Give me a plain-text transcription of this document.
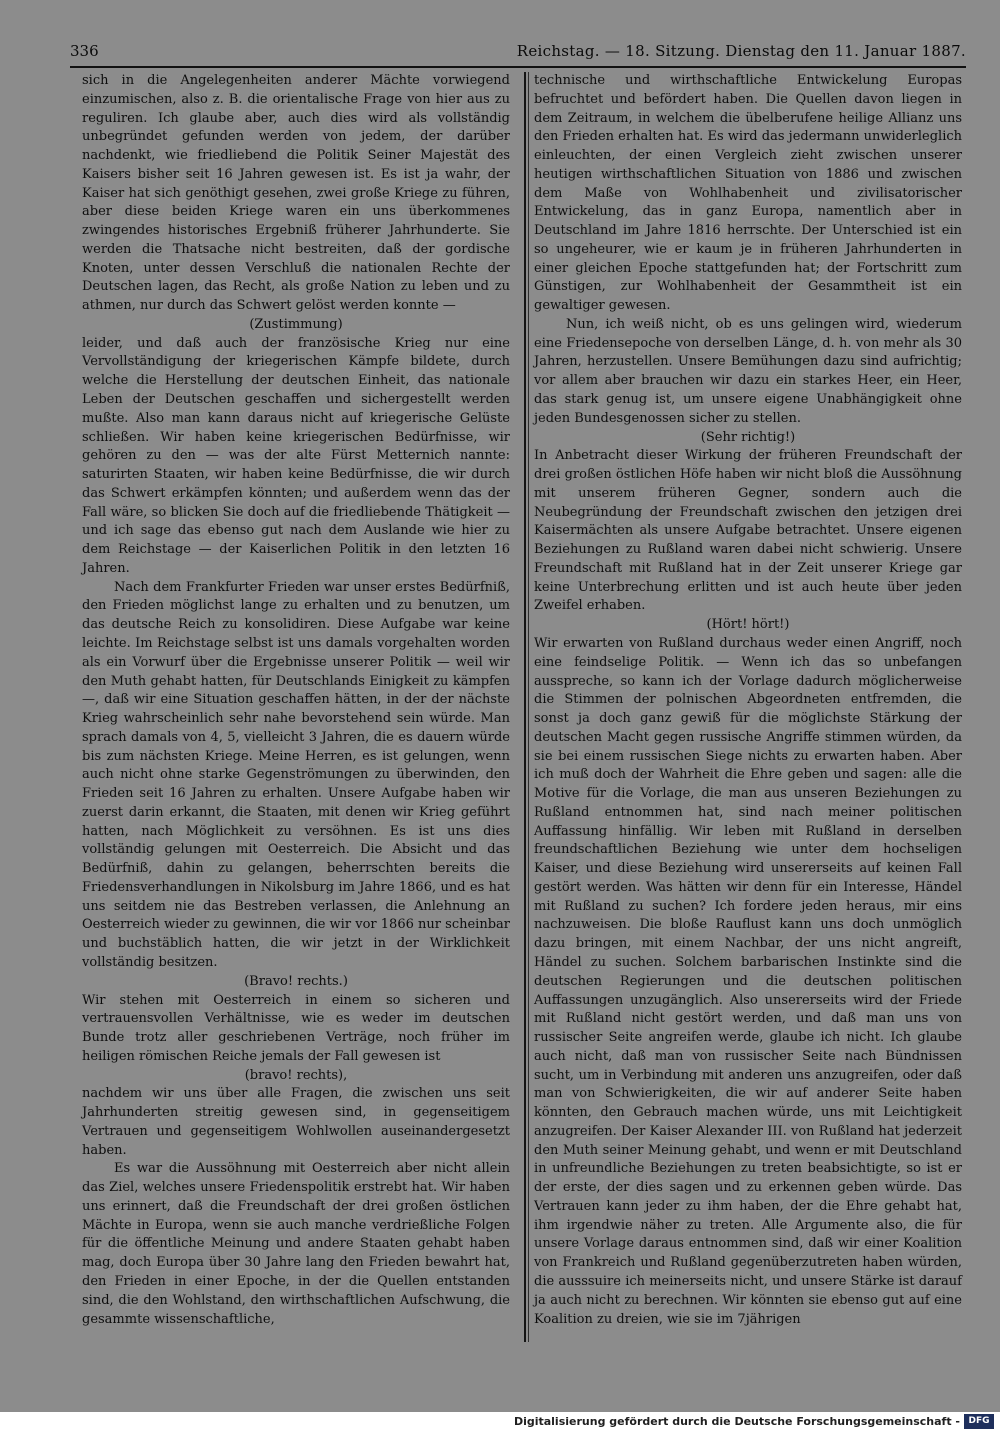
336	Reichstag. — 18. Sitzung. Dienstag den 11. Januar 1887.

sich in die Angelegenheiten anderer Mächte vorwiegend einzumischen, also z. B. die orientalische Frage von hier aus zu reguliren. Ich glaube aber, auch dies wird als vollständig unbegründet gefunden werden von jedem, der darüber nachdenkt, wie friedliebend die Politik Seiner Majestät des Kaisers bisher seit 16 Jahren gewesen ist. Es ist ja wahr, der Kaiser hat sich genöthigt gesehen, zwei große Kriege zu führen, aber diese beiden Kriege waren ein uns überkommenes zwingendes historisches Ergebniß früherer Jahrhunderte. Sie werden die Thatsache nicht bestreiten, daß der gordische Knoten, unter dessen Verschluß die nationalen Rechte der Deutschen lagen, das Recht, als große Nation zu leben und zu athmen, nur durch das Schwert gelöst werden konnte —

(Zustimmung)

leider, und daß auch der französische Krieg nur eine Vervollständigung der kriegerischen Kämpfe bildete, durch welche die Herstellung der deutschen Einheit, das nationale Leben der Deutschen geschaffen und sichergestellt werden mußte. Also man kann daraus nicht auf kriegerische Gelüste schließen. Wir haben keine kriegerischen Bedürfnisse, wir gehören zu den — was der alte Fürst Metternich nannte: saturirten Staaten, wir haben keine Bedürfnisse, die wir durch das Schwert erkämpfen könnten; und außerdem wenn das der Fall wäre, so blicken Sie doch auf die friedliebende Thätigkeit — und ich sage das ebenso gut nach dem Auslande wie hier zu dem Reichstage — der Kaiserlichen Politik in den letzten 16 Jahren.

Nach dem Frankfurter Frieden war unser erstes Bedürfniß, den Frieden möglichst lange zu erhalten und zu benutzen, um das deutsche Reich zu konsolidiren. Diese Aufgabe war keine leichte. Im Reichstage selbst ist uns damals vorgehalten worden als ein Vorwurf über die Ergebnisse unserer Politik — weil wir den Muth gehabt hatten, für Deutschlands Einigkeit zu kämpfen —, daß wir eine Situation geschaffen hätten, in der der nächste Krieg wahrscheinlich sehr nahe bevorstehend sein würde. Man sprach damals von 4, 5, vielleicht 3 Jahren, die es dauern würde bis zum nächsten Kriege. Meine Herren, es ist gelungen, wenn auch nicht ohne starke Gegenströmungen zu überwinden, den Frieden seit 16 Jahren zu erhalten. Unsere Aufgabe haben wir zuerst darin erkannt, die Staaten, mit denen wir Krieg geführt hatten, nach Möglichkeit zu versöhnen. Es ist uns dies vollständig gelungen mit Oesterreich. Die Absicht und das Bedürfniß, dahin zu gelangen, beherrschten bereits die Friedensverhandlungen in Nikolsburg im Jahre 1866, und es hat uns seitdem nie das Bestreben verlassen, die Anlehnung an Oesterreich wieder zu gewinnen, die wir vor 1866 nur scheinbar und buchstäblich hatten, die wir jetzt in der Wirklichkeit vollständig besitzen.

(Bravo! rechts.)

Wir stehen mit Oesterreich in einem so sicheren und vertrauensvollen Verhältnisse, wie es weder im deutschen Bunde trotz aller geschriebenen Verträge, noch früher im heiligen römischen Reiche jemals der Fall gewesen ist

(bravo! rechts),

nachdem wir uns über alle Fragen, die zwischen uns seit Jahrhunderten streitig gewesen sind, in gegenseitigem Vertrauen und gegenseitigem Wohlwollen auseinandergesetzt haben.

Es war die Aussöhnung mit Oesterreich aber nicht allein das Ziel, welches unsere Friedenspolitik erstrebt hat. Wir haben uns erinnert, daß die Freundschaft der drei großen östlichen Mächte in Europa, wenn sie auch manche verdrießliche Folgen für die öffentliche Meinung und andere Staaten gehabt haben mag, doch Europa über 30 Jahre lang den Frieden bewahrt hat, den Frieden in einer Epoche, in der die Quellen entstanden sind, die den Wohlstand, den wirthschaftlichen Aufschwung, die gesammte wissenschaftliche,

technische und wirthschaftliche Entwickelung Europas befruchtet und befördert haben. Die Quellen davon liegen in dem Zeitraum, in welchem die übelberufene heilige Allianz uns den Frieden erhalten hat. Es wird das jedermann unwiderleglich einleuchten, der einen Vergleich zieht zwischen unserer heutigen wirthschaftlichen Situation von 1886 und zwischen dem Maße von Wohlhabenheit und zivilisatorischer Entwickelung, das in ganz Europa, namentlich aber in Deutschland im Jahre 1816 herrschte. Der Unterschied ist ein so ungeheurer, wie er kaum je in früheren Jahrhunderten in einer gleichen Epoche stattgefunden hat; der Fortschritt zum Günstigen, zur Wohlhabenheit der Gesammtheit ist ein gewaltiger gewesen.

Nun, ich weiß nicht, ob es uns gelingen wird, wiederum eine Friedensepoche von derselben Länge, d. h. von mehr als 30 Jahren, herzustellen. Unsere Bemühungen dazu sind aufrichtig; vor allem aber brauchen wir dazu ein starkes Heer, ein Heer, das stark genug ist, um unsere eigene Unabhängigkeit ohne jeden Bundesgenossen sicher zu stellen.

(Sehr richtig!)

In Anbetracht dieser Wirkung der früheren Freundschaft der drei großen östlichen Höfe haben wir nicht bloß die Aussöhnung mit unserem früheren Gegner, sondern auch die Neubegründung der Freundschaft zwischen den jetzigen drei Kaisermächten als unsere Aufgabe betrachtet. Unsere eigenen Beziehungen zu Rußland waren dabei nicht schwierig. Unsere Freundschaft mit Rußland hat in der Zeit unserer Kriege gar keine Unterbrechung erlitten und ist auch heute über jeden Zweifel erhaben.

(Hört! hört!)

Wir erwarten von Rußland durchaus weder einen Angriff, noch eine feindselige Politik. — Wenn ich das so unbefangen ausspreche, so kann ich der Vorlage dadurch möglicherweise die Stimmen der polnischen Abgeordneten entfremden, die sonst ja doch ganz gewiß für die möglichste Stärkung der deutschen Macht gegen russische Angriffe stimmen würden, da sie bei einem russischen Siege nichts zu erwarten haben. Aber ich muß doch der Wahrheit die Ehre geben und sagen: alle die Motive für die Vorlage, die man aus unseren Beziehungen zu Rußland entnommen hat, sind nach meiner politischen Auffassung hinfällig. Wir leben mit Rußland in derselben freundschaftlichen Beziehung wie unter dem hochseligen Kaiser, und diese Beziehung wird unsererseits auf keinen Fall gestört werden. Was hätten wir denn für ein Interesse, Händel mit Rußland zu suchen? Ich fordere jeden heraus, mir eins nachzuweisen. Die bloße Rauflust kann uns doch unmöglich dazu bringen, mit einem Nachbar, der uns nicht angreift, Händel zu suchen. Solchem barbarischen Instinkte sind die deutschen Regierungen und die deutschen politischen Auffassungen unzugänglich. Also unsererseits wird der Friede mit Rußland nicht gestört werden, und daß man uns von russischer Seite angreifen werde, glaube ich nicht. Ich glaube auch nicht, daß man von russischer Seite nach Bündnissen sucht, um in Verbindung mit anderen uns anzugreifen, oder daß man von Schwierigkeiten, die wir auf anderer Seite haben könnten, den Gebrauch machen würde, uns mit Leichtigkeit anzugreifen. Der Kaiser Alexander III. von Rußland hat jederzeit den Muth seiner Meinung gehabt, und wenn er mit Deutschland in unfreundliche Beziehungen zu treten beabsichtigte, so ist er der erste, der dies sagen und zu erkennen geben würde. Das Vertrauen kann jeder zu ihm haben, der die Ehre gehabt hat, ihm irgendwie näher zu treten. Alle Argumente also, die für unsere Vorlage daraus entnommen sind, daß wir einer Koalition von Frankreich und Rußland gegenüberzutreten haben würden, die ausssuire ich meinerseits nicht, und unsere Stärke ist darauf ja auch nicht zu berechnen. Wir könnten sie ebenso gut auf eine Koalition zu dreien, wie sie im 7jährigen

Digitalisierung gefördert durch die Deutsche Forschungsgemeinschaft - DFG
